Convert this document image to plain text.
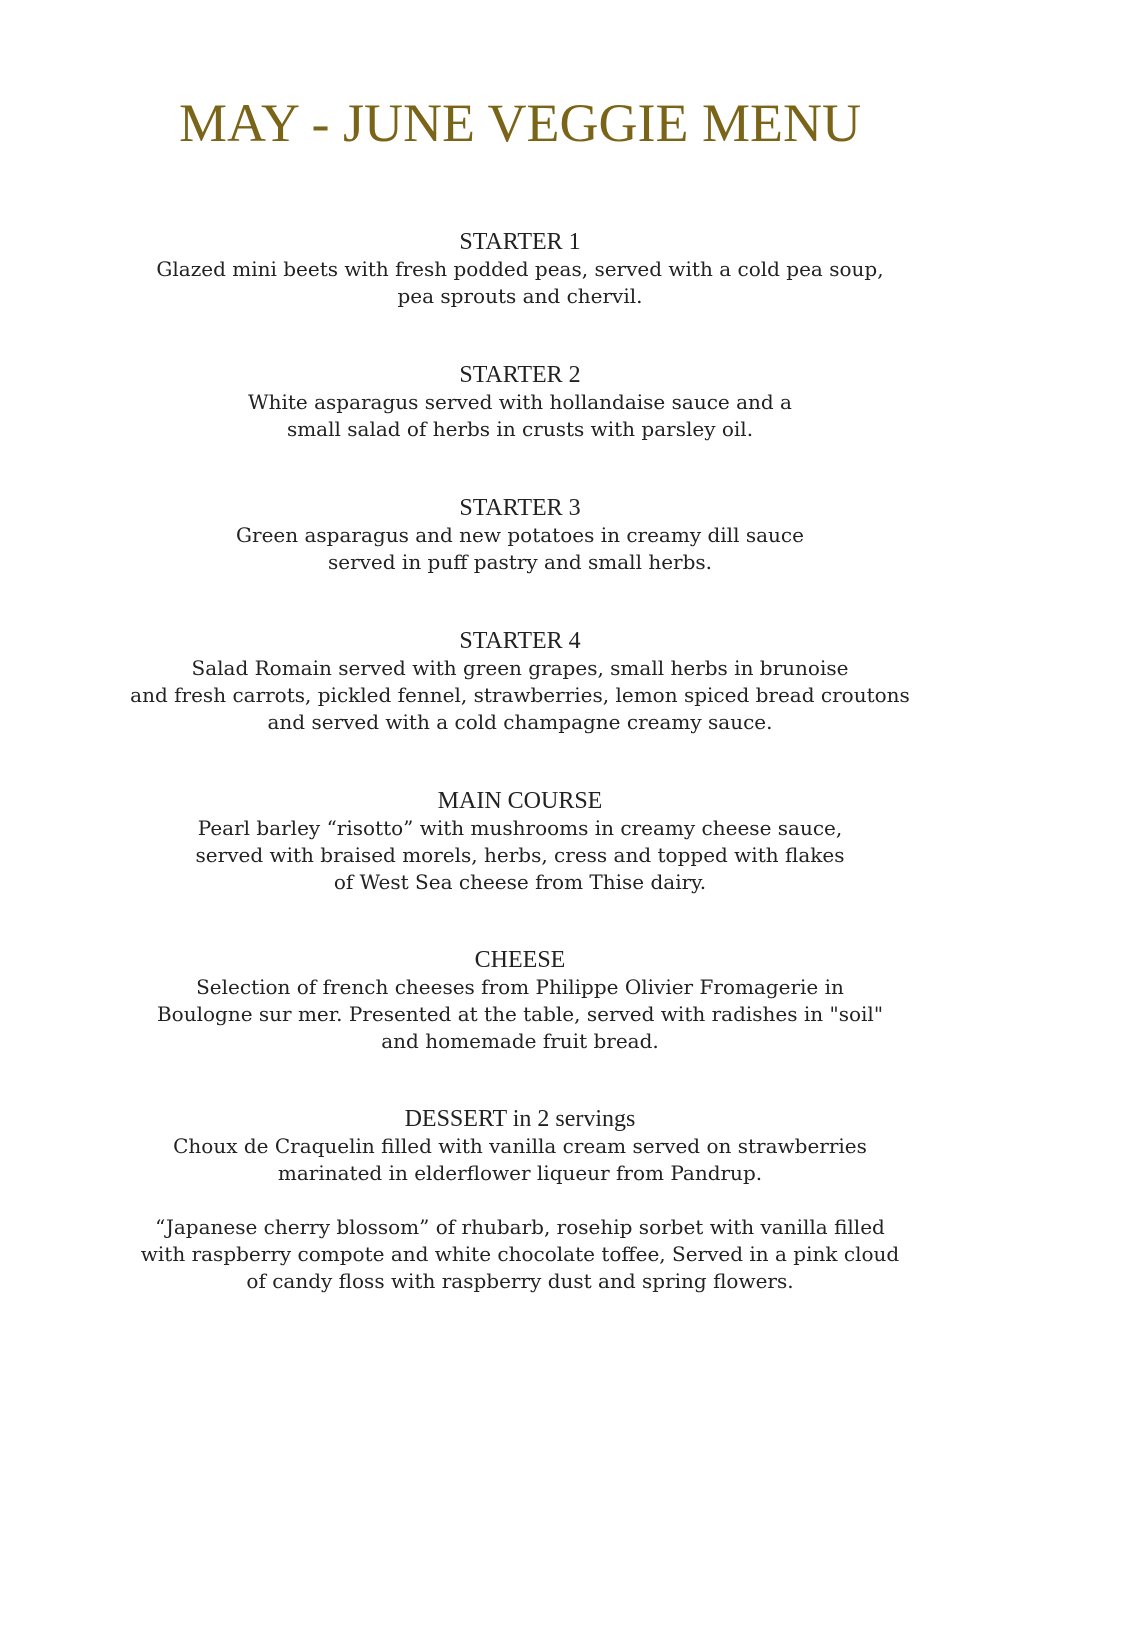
MAY - JUNE VEGGIE MENU
STARTER 1
Glazed mini beets with fresh podded peas, served with a cold pea soup,
pea sprouts and chervil.
STARTER 2
White asparagus served with hollandaise sauce and a
small salad of herbs in crusts with parsley oil.
STARTER 3
Green asparagus and new potatoes in creamy dill sauce
served in puff pastry and small herbs.
STARTER 4
Salad Romain served with green grapes, small herbs in brunoise
and fresh carrots, pickled fennel, strawberries, lemon spiced bread croutons
and served with a cold champagne creamy sauce.
MAIN COURSE
Pearl barley “risotto” with mushrooms in creamy cheese sauce,
served with braised morels, herbs, cress and topped with flakes
of West Sea cheese from Thise dairy.
CHEESE
Selection of french cheeses from Philippe Olivier Fromagerie in
Boulogne sur mer. Presented at the table, served with radishes in "soil"
and homemade fruit bread.
DESSERT in 2 servings
Choux de Craquelin filled with vanilla cream served on strawberries
marinated in elderflower liqueur from Pandrup.
“Japanese cherry blossom” of rhubarb, rosehip sorbet with vanilla filled
with raspberry compote and white chocolate toffee, Served in a pink cloud
of candy floss with raspberry dust and spring flowers.
